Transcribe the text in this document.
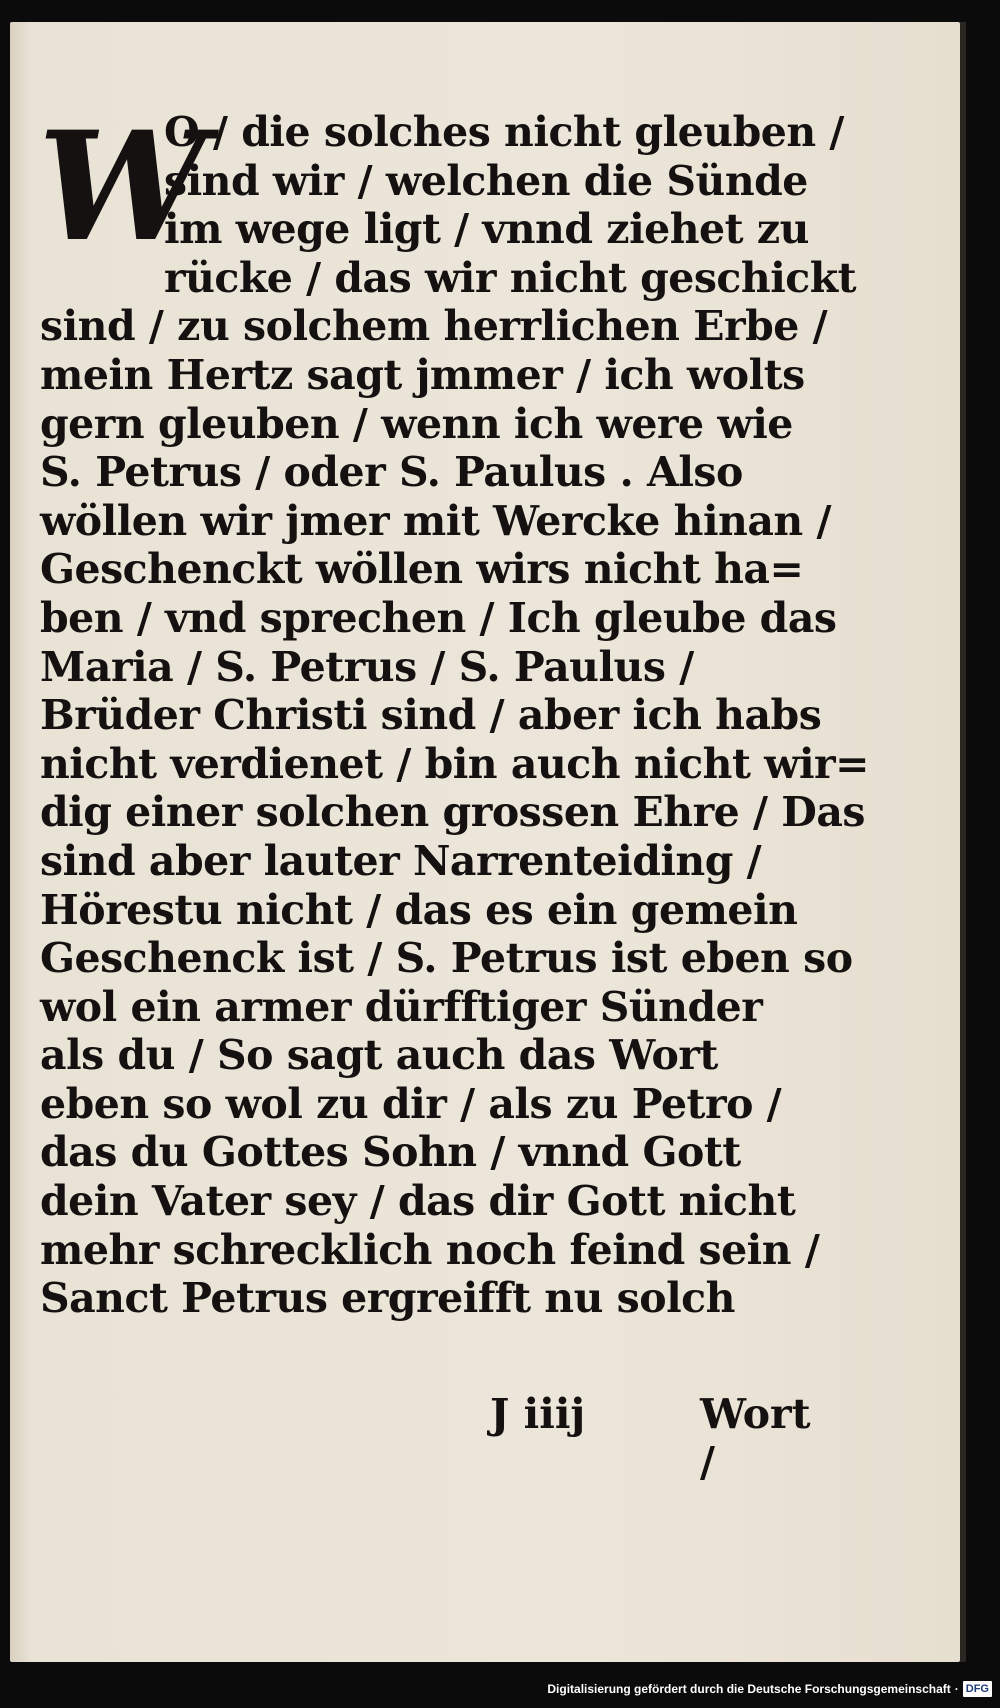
W
O / die solches nicht gleuben /
sind wir / welchen die Sünde
im wege ligt / vnnd ziehet zu
rücke / das wir nicht geschickt
sind / zu solchem herrlichen Erbe /
mein Hertz sagt jmmer / ich wolts
gern gleuben / wenn ich were wie
S. Petrus / oder S. Paulus . Also
wöllen wir jmer mit Wercke hinan /
Geschenckt wöllen wirs nicht ha=
ben / vnd sprechen / Ich gleube das
Maria / S. Petrus / S. Paulus /
Brüder Christi sind / aber ich habs
nicht verdienet / bin auch nicht wir=
dig einer solchen grossen Ehre / Das
sind aber lauter Narrenteiding /
Hörestu nicht / das es ein gemein
Geschenck ist / S. Petrus ist eben so
wol ein armer dürfftiger Sünder
als du / So sagt auch das Wort
eben so wol zu dir / als zu Petro /
das du Gottes Sohn / vnnd Gott
dein Vater sey / das dir Gott nicht
mehr schrecklich noch feind sein /
Sanct Petrus ergreifft nu solch
J iiij	Wort /
Digitalisierung gefördert durch die Deutsche Forschungsgemeinschaft · DFG
